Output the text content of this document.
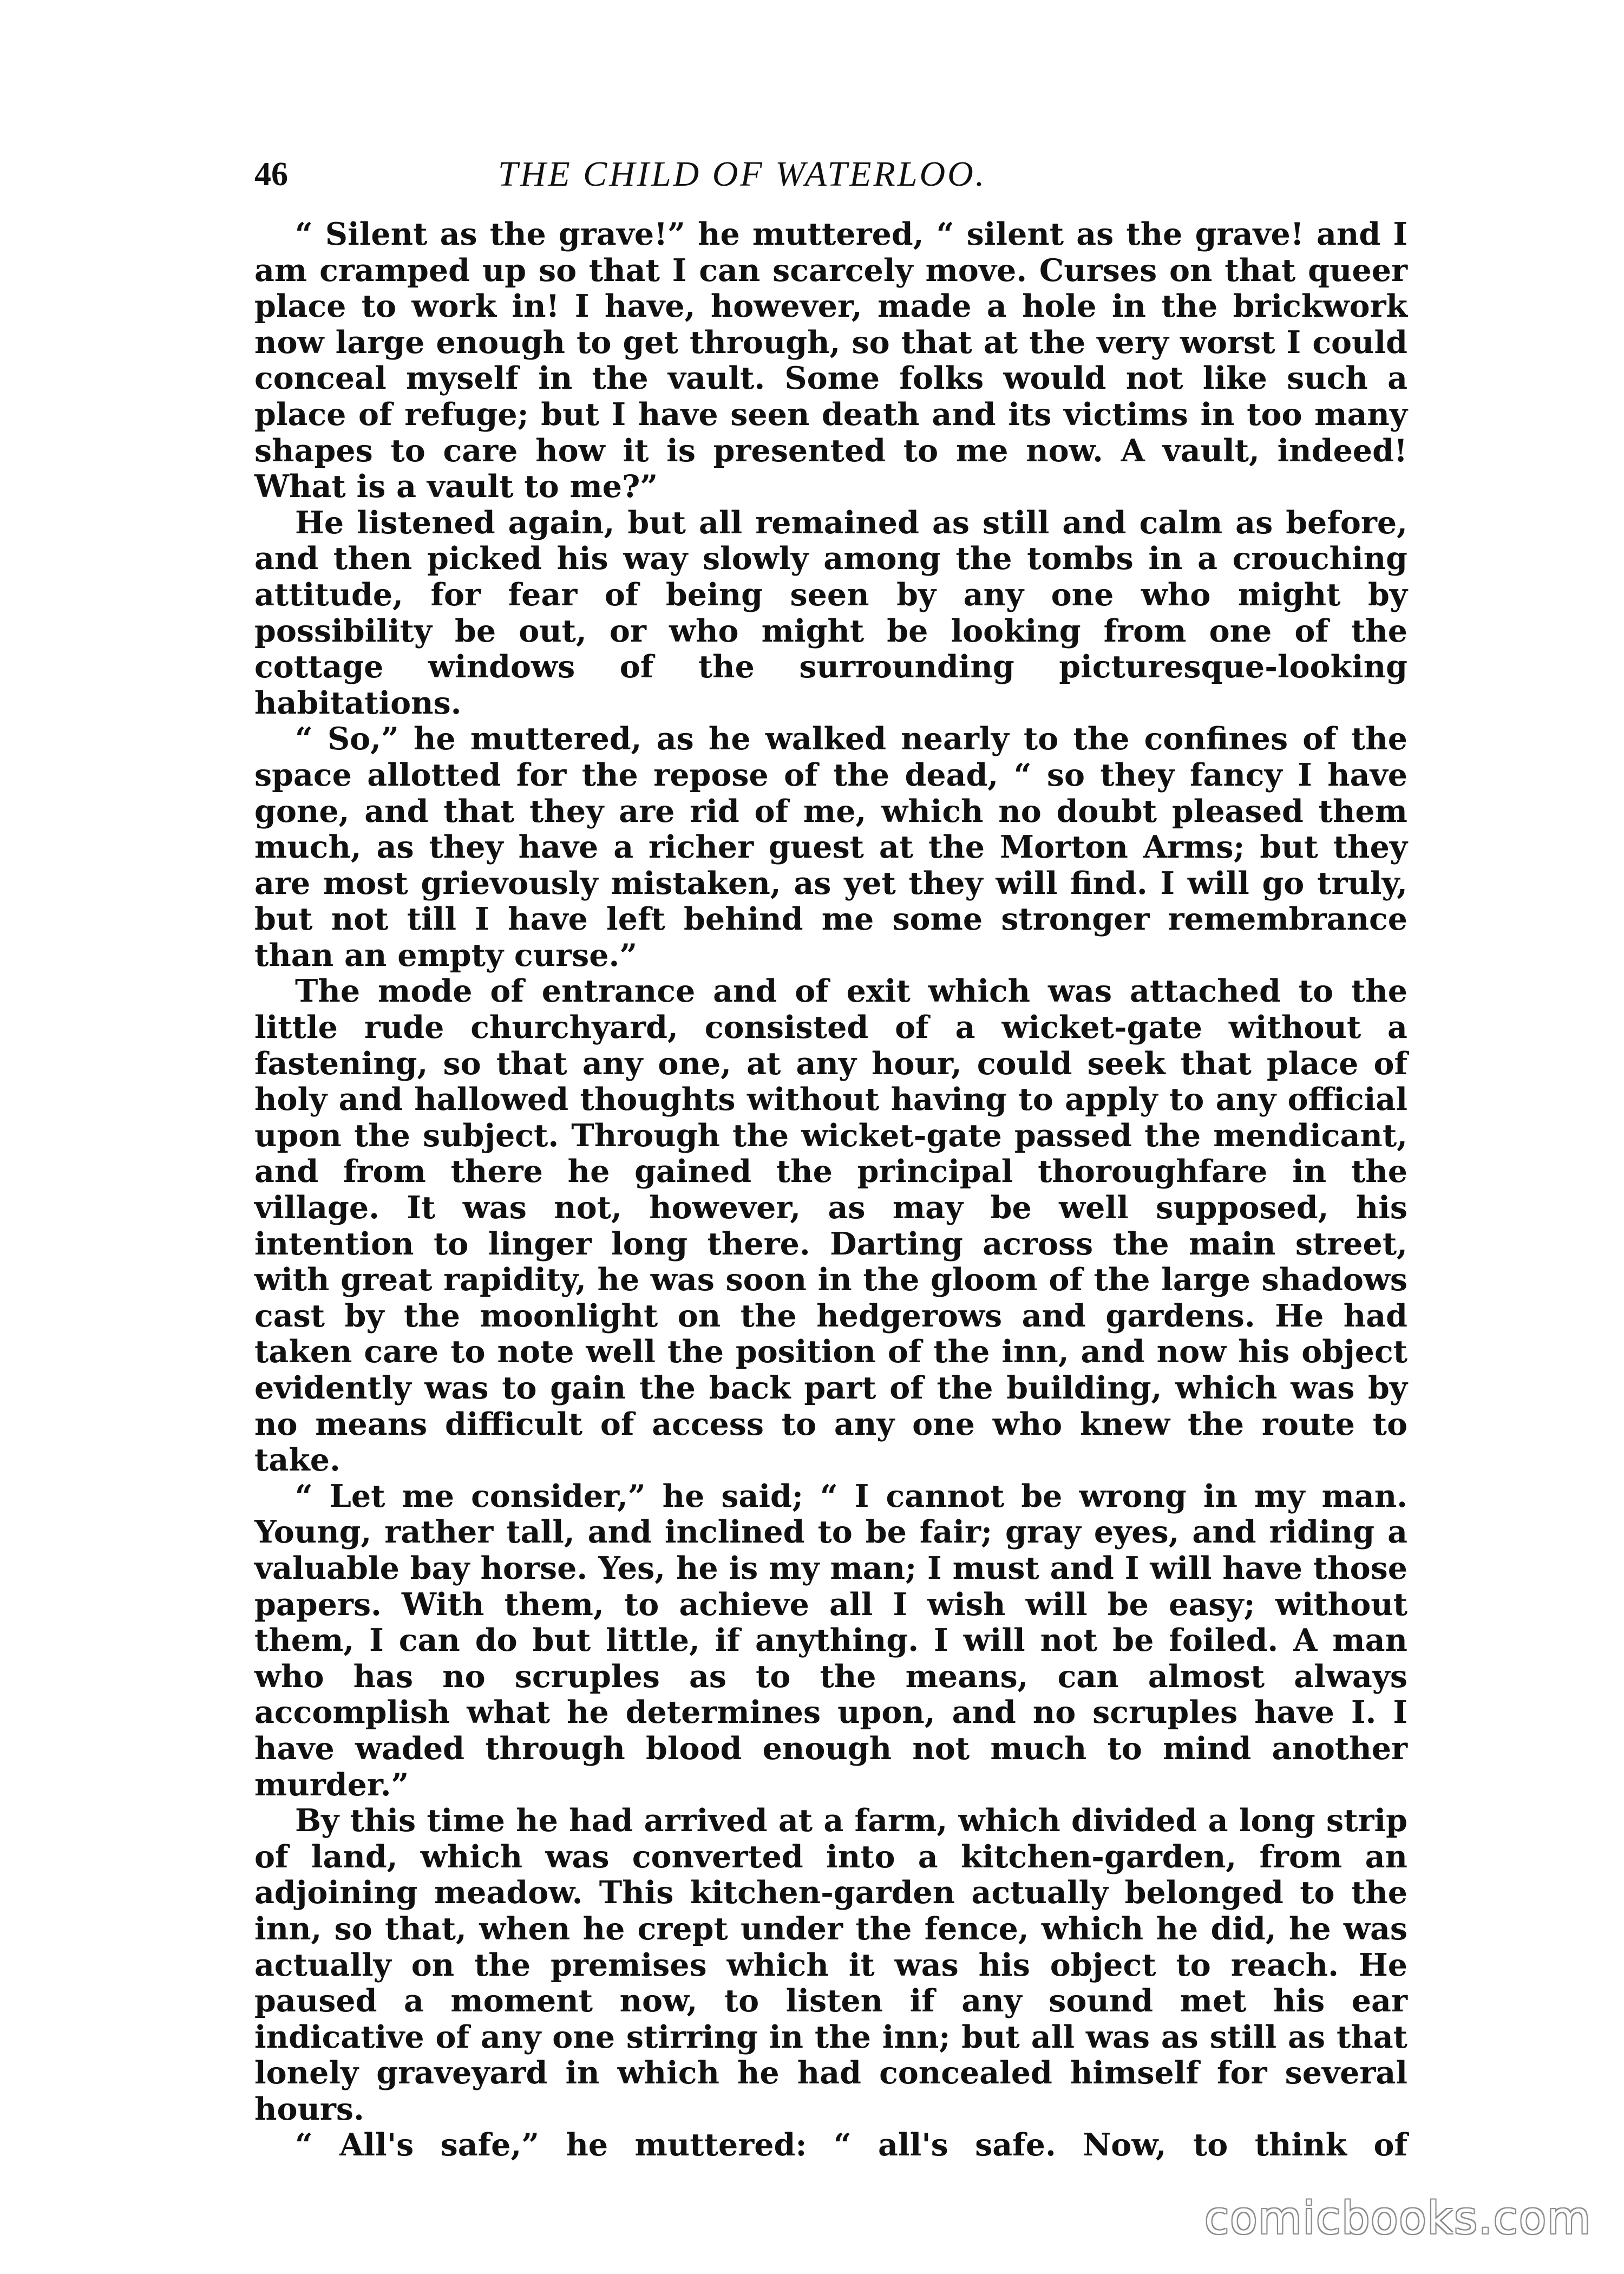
46	THE CHILD OF WATERLOO.

“ Silent as the grave!” he muttered, “ silent as the grave! and I am cramped up so that I can scarcely move. Curses on that queer place to work in! I have, however, made a hole in the brickwork now large enough to get through, so that at the very worst I could conceal myself in the vault. Some folks would not like such a place of refuge; but I have seen death and its victims in too many shapes to care how it is presented to me now. A vault, indeed! What is a vault to me?”

He listened again, but all remained as still and calm as before, and then picked his way slowly among the tombs in a crouching attitude, for fear of being seen by any one who might by possibility be out, or who might be looking from one of the cottage windows of the surrounding picturesque-looking habitations.

“ So,” he muttered, as he walked nearly to the confines of the space allotted for the repose of the dead, “ so they fancy I have gone, and that they are rid of me, which no doubt pleased them much, as they have a richer guest at the Morton Arms; but they are most grievously mistaken, as yet they will find. I will go truly, but not till I have left behind me some stronger remembrance than an empty curse.”

The mode of entrance and of exit which was attached to the little rude churchyard, consisted of a wicket-gate without a fastening, so that any one, at any hour, could seek that place of holy and hallowed thoughts without having to apply to any official upon the subject. Through the wicket-gate passed the mendicant, and from there he gained the principal thoroughfare in the village. It was not, however, as may be well supposed, his intention to linger long there. Darting across the main street, with great rapidity, he was soon in the gloom of the large shadows cast by the moonlight on the hedgerows and gardens. He had taken care to note well the position of the inn, and now his object evidently was to gain the back part of the building, which was by no means difficult of access to any one who knew the route to take.

“ Let me consider,” he said; “ I cannot be wrong in my man. Young, rather tall, and inclined to be fair; gray eyes, and riding a valuable bay horse. Yes, he is my man; I must and I will have those papers. With them, to achieve all I wish will be easy; without them, I can do but little, if anything. I will not be foiled. A man who has no scruples as to the means, can almost always accomplish what he determines upon, and no scruples have I. I have waded through blood enough not much to mind another murder.”

By this time he had arrived at a farm, which divided a long strip of land, which was converted into a kitchen-garden, from an adjoining meadow. This kitchen-garden actually belonged to the inn, so that, when he crept under the fence, which he did, he was actually on the premises which it was his object to reach. He paused a moment now, to listen if any sound met his ear indicative of any one stirring in the inn; but all was as still as that lonely graveyard in which he had concealed himself for several hours.

“ All's safe,” he muttered: “ all's safe. Now, to think of

comicbooks.com
